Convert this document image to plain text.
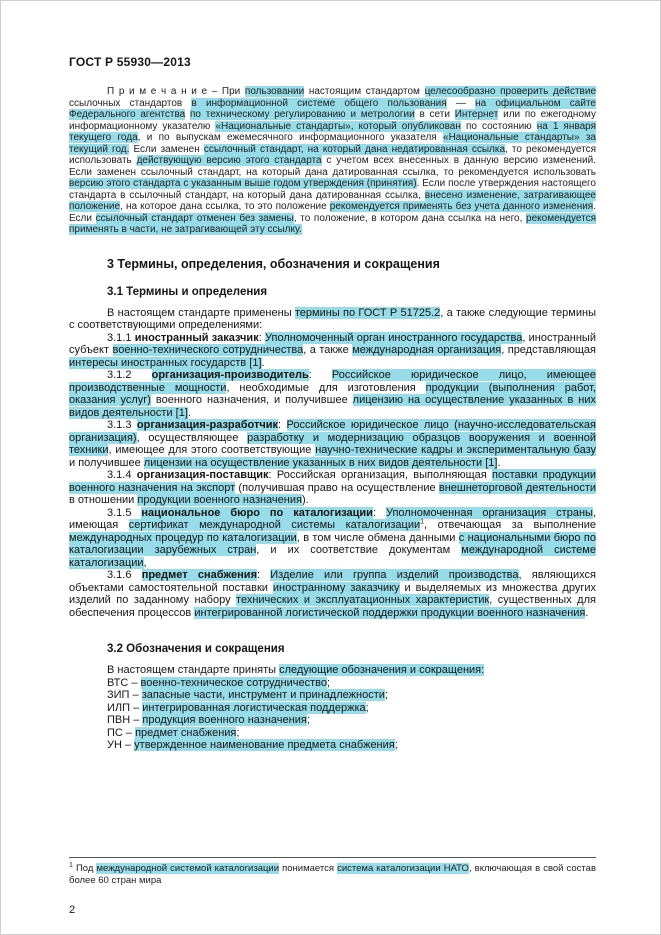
ГОСТ Р 55930—2013

П р и м е ч а н и е – При пользовании настоящим стандартом целесообразно проверить действие ссылочных стандартов в информационной системе общего пользования — на официальном сайте Федерального агентства по техническому регулированию и метрологии в сети Интернет или по ежегодному информационному указателю «Национальные стандарты», который опубликован по состоянию на 1 января текущего года, и по выпускам ежемесячного информационного указателя «Национальные стандарты» за текущий год. Если заменен ссылочный стандарт, на который дана недатированная ссылка, то рекомендуется использовать действующую версию этого стандарта с учетом всех внесенных в данную версию изменений. Если заменен ссылочный стандарт, на который дана датированная ссылка, то рекомендуется использовать версию этого стандарта с указанным выше годом утверждения (принятия). Если после утверждения настоящего стандарта в ссылочный стандарт, на который дана датированная ссылка, внесено изменение, затрагивающее положение, на которое дана ссылка, то это положение рекомендуется применять без учета данного изменения. Если ссылочный стандарт отменен без замены, то положение, в котором дана ссылка на него, рекомендуется применять в части, не затрагивающей эту ссылку.

3 Термины, определения, обозначения и сокращения
3.1 Термины и определения

В настоящем стандарте применены термины по ГОСТ Р 51725.2, а также следующие термины с соответствующими определениями:

3.1.1 иностранный заказчик: Уполномоченный орган иностранного государства, иностранный субъект военно-технического сотрудничества, а также международная организация, представляющая интересы иностранных государств [1].

3.1.2 организация-производитель: Российское юридическое лицо, имеющее производственные мощности, необходимые для изготовления продукции (выполнения работ, оказания услуг) военного назначения, и получившее лицензию на осуществление указанных в них видов деятельности [1].

3.1.3 организация-разработчик: Российское юридическое лицо (научно-исследовательская организация), осуществляющее разработку и модернизацию образцов вооружения и военной техники, имеющее для этого соответствующие научно-технические кадры и экспериментальную базу и получившее лицензии на осуществление указанных в них видов деятельности [1].

3.1.4 организация-поставщик: Российская организация, выполняющая поставки продукции военного назначения на экспорт (получившая право на осуществление внешнеторговой деятельности в отношении продукции военного назначения).

3.1.5 национальное бюро по каталогизации: Уполномоченная организация страны, имеющая сертификат международной системы каталогизации$^1$, отвечающая за выполнение международных процедур по каталогизации, в том числе обмена данными с национальными бюро по каталогизации зарубежных стран, и их соответствие документам международной системе каталогизации,

3.1.6 предмет снабжения: Изделие или группа изделий производства, являющихся объектами самостоятельной поставки иностранному заказчику и выделяемых из множества других изделий по заданному набору технических и эксплуатационных характеристик, существенных для обеспечения процессов интегрированной логистической поддержки продукции военного назначения.

3.2 Обозначения и сокращения

В настоящем стандарте приняты следующие обозначения и сокращения:

ВТС – военно-техническое сотрудничество;
ЗИП – запасные части, инструмент и принадлежности;
ИЛП – интегрированная логистическая поддержка;
ПВН – продукция военного назначения;
ПС – предмет снабжения;
УН – утвержденное наименование предмета снабжения;

$^1$ Под международной системой каталогизации понимается система каталогизации НАТО, включающая в свой состав более 60 стран мира

2
